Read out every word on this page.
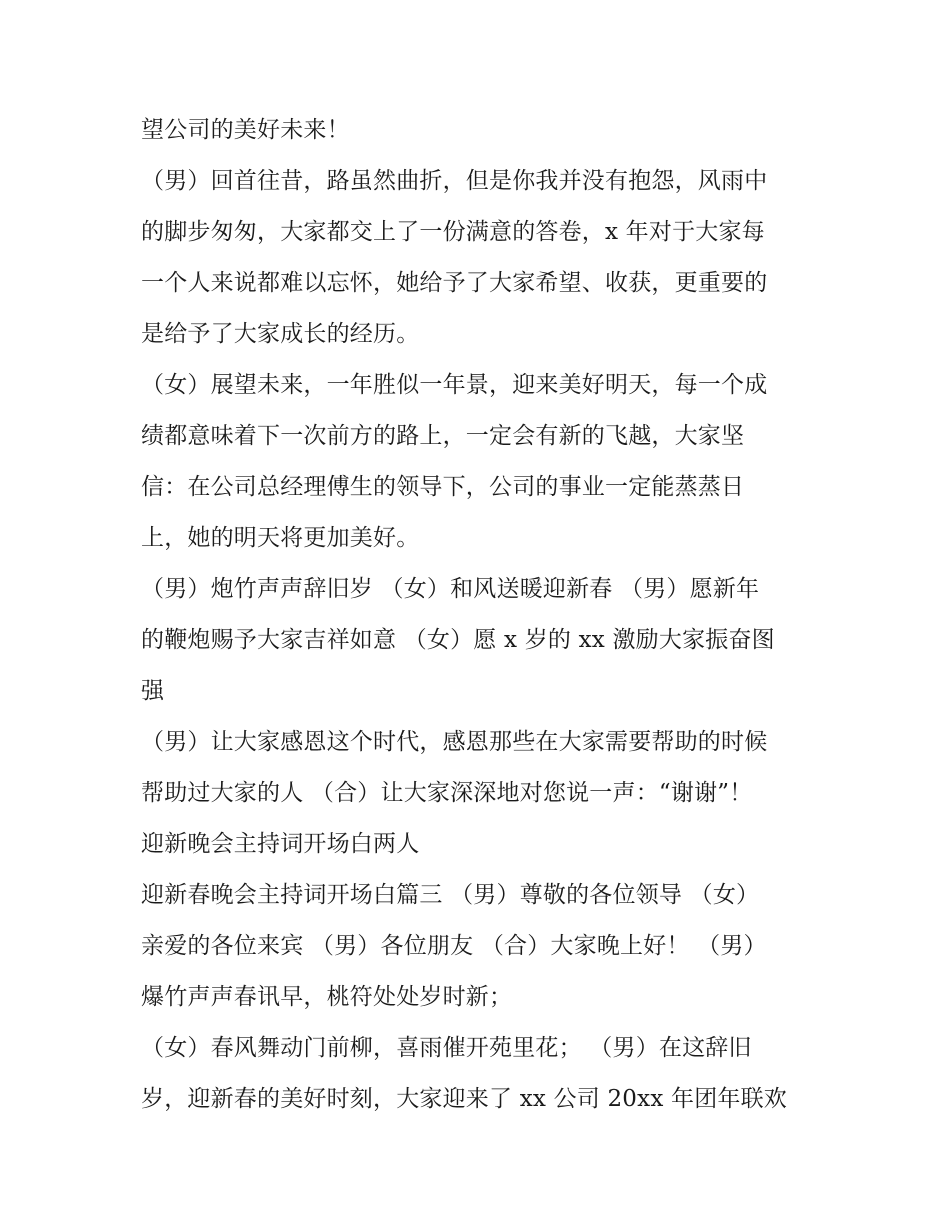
望公司的美好未来！
（男）回首往昔，路虽然曲折，但是你我并没有抱怨，风雨中
的脚步匆匆，大家都交上了一份满意的答卷，x 年对于大家每
一个人来说都难以忘怀，她给予了大家希望、收获，更重要的
是给予了大家成长的经历。
（女）展望未来，一年胜似一年景，迎来美好明天，每一个成
绩都意味着下一次前方的路上，一定会有新的飞越，大家坚
信：在公司总经理傅生的领导下，公司的事业一定能蒸蒸日
上，她的明天将更加美好。
（男）炮竹声声辞旧岁 （女）和风送暖迎新春 （男）愿新年
的鞭炮赐予大家吉祥如意 （女）愿 x 岁的 xx 激励大家振奋图
强
（男）让大家感恩这个时代，感恩那些在大家需要帮助的时候
帮助过大家的人 （合）让大家深深地对您说一声：“谢谢”！
迎新晚会主持词开场白两人
迎新春晚会主持词开场白篇三 （男）尊敬的各位领导 （女）
亲爱的各位来宾 （男）各位朋友 （合）大家晚上好！ （男）
爆竹声声春讯早，桃符处处岁时新；
（女）春风舞动门前柳，喜雨催开苑里花； （男）在这辞旧
岁，迎新春的美好时刻，大家迎来了 xx 公司 20xx 年团年联欢
